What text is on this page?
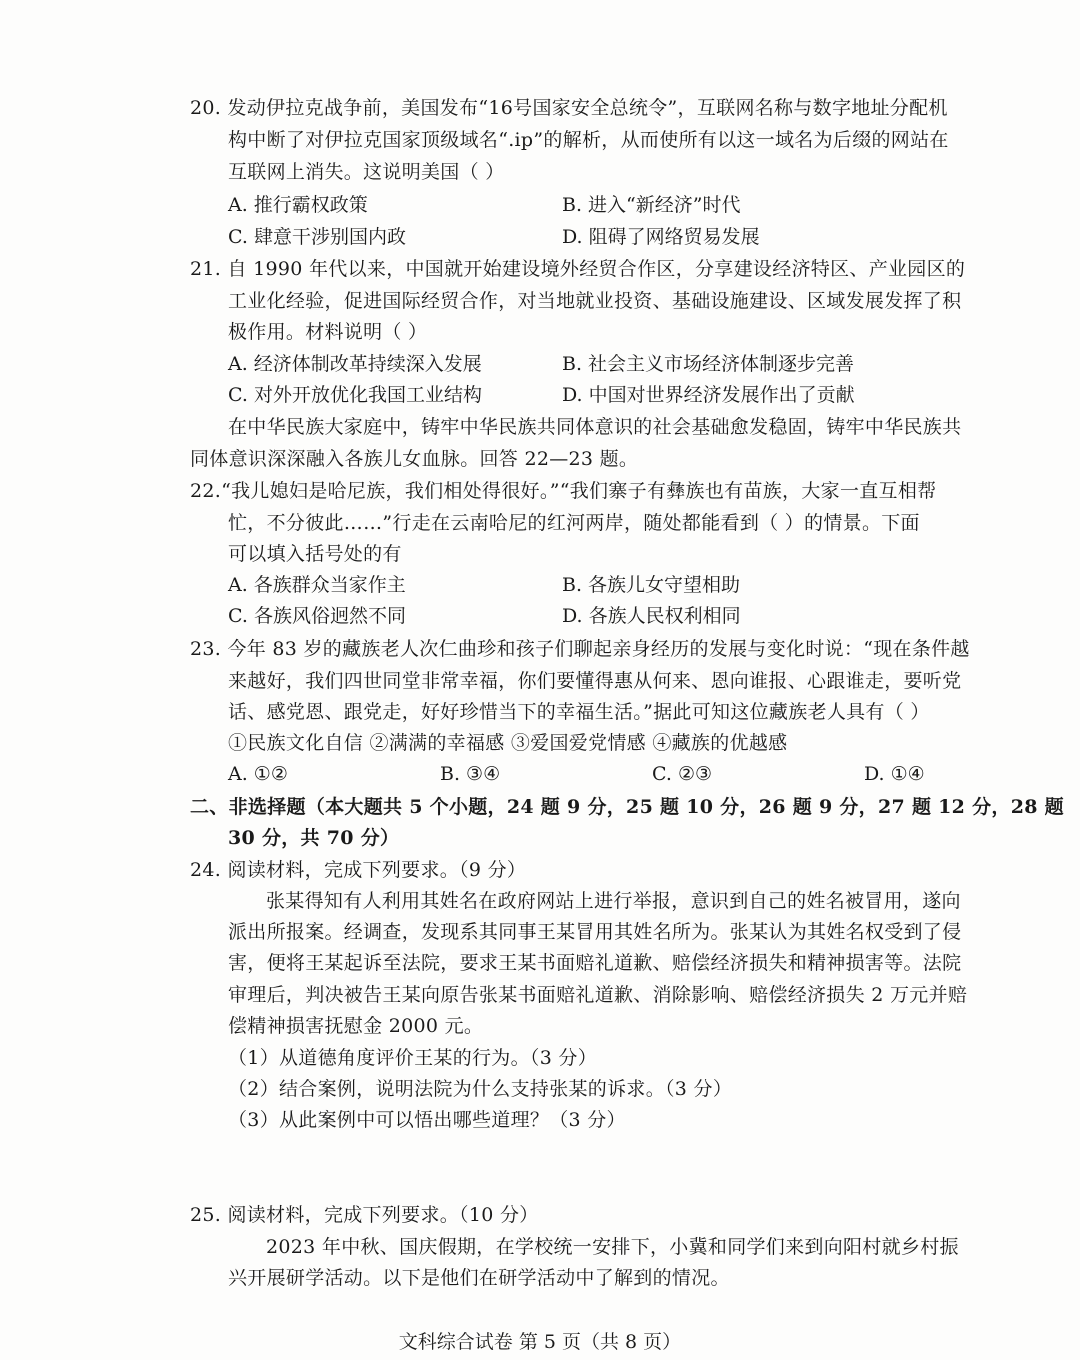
20. 发动伊拉克战争前，美国发布“16号国家安全总统令”，互联网名称与数字地址分配机
构中断了对伊拉克国家顶级域名“.ip”的解析，从而使所有以这一域名为后缀的网站在
互联网上消失。这说明美国（ ）
A. 推行霸权政策	B. 进入“新经济”时代
C. 肆意干涉别国内政	D. 阻碍了网络贸易发展
21. 自 1990 年代以来，中国就开始建设境外经贸合作区，分享建设经济特区、产业园区的
工业化经验，促进国际经贸合作，对当地就业投资、基础设施建设、区域发展发挥了积
极作用。材料说明（ ）
A. 经济体制改革持续深入发展	B. 社会主义市场经济体制逐步完善
C. 对外开放优化我国工业结构	D. 中国对世界经济发展作出了贡献
在中华民族大家庭中，铸牢中华民族共同体意识的社会基础愈发稳固，铸牢中华民族共
同体意识深深融入各族儿女血脉。回答 22—23 题。
22.“我儿媳妇是哈尼族，我们相处得很好。”“我们寨子有彝族也有苗族，大家一直互相帮
忙，不分彼此……”行走在云南哈尼的红河两岸，随处都能看到（ ）的情景。下面
可以填入括号处的有
A. 各族群众当家作主	B. 各族儿女守望相助
C. 各族风俗迥然不同	D. 各族人民权利相同
23. 今年 83 岁的藏族老人次仁曲珍和孩子们聊起亲身经历的发展与变化时说：“现在条件越
来越好，我们四世同堂非常幸福，你们要懂得惠从何来、恩向谁报、心跟谁走，要听党
话、感党恩、跟党走，好好珍惜当下的幸福生活。”据此可知这位藏族老人具有（ ）
①民族文化自信 ②满满的幸福感 ③爱国爱党情感 ④藏族的优越感
A. ①②	B. ③④	C. ②③	D. ①④
二、非选择题（本大题共 5 个小题，24 题 9 分，25 题 10 分，26 题 9 分，27 题 12 分，28 题
30 分，共 70 分）
24. 阅读材料，完成下列要求。（9 分）
张某得知有人利用其姓名在政府网站上进行举报，意识到自己的姓名被冒用，遂向
派出所报案。经调查，发现系其同事王某冒用其姓名所为。张某认为其姓名权受到了侵
害，便将王某起诉至法院，要求王某书面赔礼道歉、赔偿经济损失和精神损害等。法院
审理后，判决被告王某向原告张某书面赔礼道歉、消除影响、赔偿经济损失 2 万元并赔
偿精神损害抚慰金 2000 元。
（1）从道德角度评价王某的行为。（3 分）
（2）结合案例，说明法院为什么支持张某的诉求。（3 分）
（3）从此案例中可以悟出哪些道理？（3 分）
25. 阅读材料，完成下列要求。（10 分）
2023 年中秋、国庆假期，在学校统一安排下，小冀和同学们来到向阳村就乡村振
兴开展研学活动。以下是他们在研学活动中了解到的情况。
文科综合试卷 第 5 页（共 8 页）
